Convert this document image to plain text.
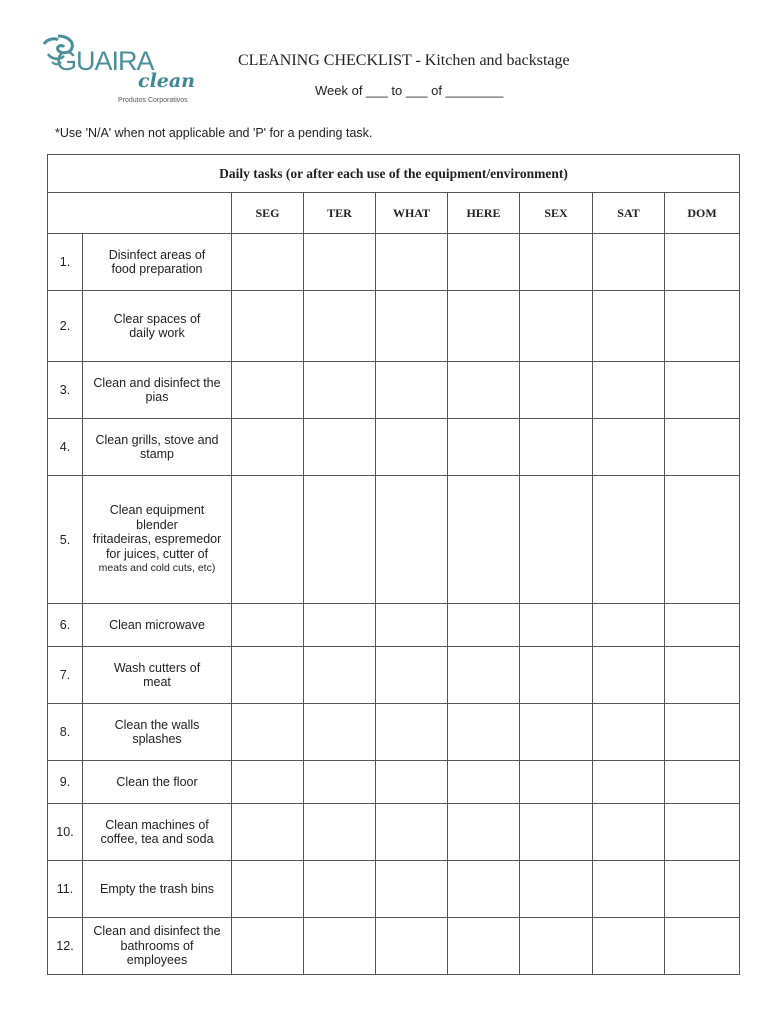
GUAIRA
clean
Produtos Corporativos
CLEANING CHECKLIST - Kitchen and backstage
Week of ___ to ___ of ________
*Use 'N/A' when not applicable and 'P' for a pending task.
Daily tasks (or after each use of the equipment/environment)								
		SEG	TER	WHAT	HERE	SEX	SAT	DOM
1.	Disinfect areas of
food preparation							

2.	Clear spaces of
daily work							

3.	Clean and disinfect the
pias							

4.	Clean grills, stove and
stamp							

5.	Clean equipment
blender
fritadeiras, espremedor
for juices, cutter of
meats and cold cuts, etc)							

6.	Clean microwave							

7.	Wash cutters of
meat							

8.	Clean the walls
splashes							

9.	Clean the floor							

10.	Clean machines of
coffee, tea and soda							

11.	Empty the trash bins							

12.	Clean and disinfect the
bathrooms of
employees							
